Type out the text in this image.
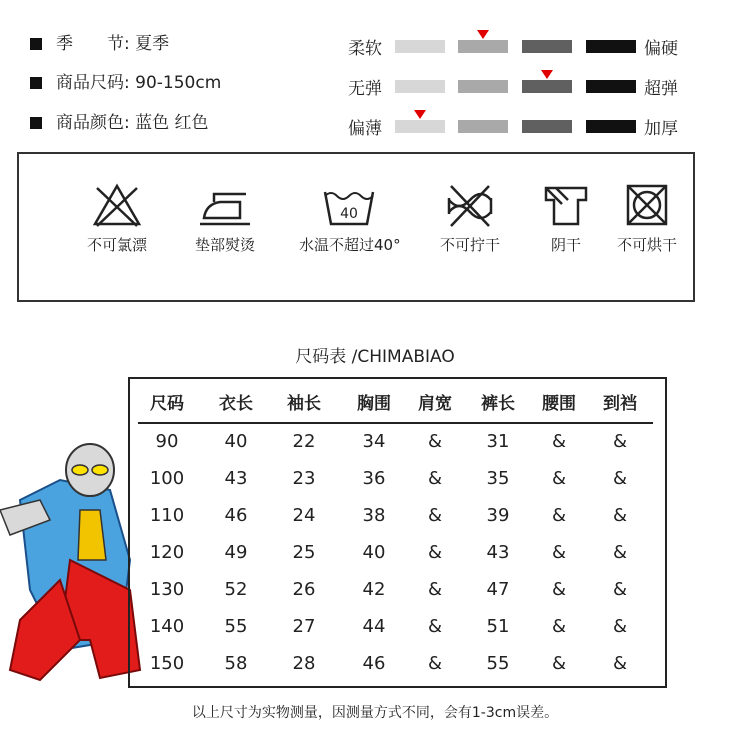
季　　节: 夏季
商品尺码: 90-150cm
商品颜色: 蓝色 红色
柔软	偏硬
无弹	超弹
偏薄	加厚
不可氯漂	垫部熨烫
40
水温不超过40°	不可拧干	阴干	不可烘干
尺码表 /CHIMABIAO
尺码	衣长	袖长	胸围	肩宽	裤长	腰围	到裆
90	40	22	34	&	31	&	&
100	43	23	36	&	35	&	&
110	46	24	38	&	39	&	&
120	49	25	40	&	43	&	&
130	52	26	42	&	47	&	&
140	55	27	44	&	51	&	&
150	58	28	46	&	55	&	&
以上尺寸为实物测量，因测量方式不同，会有1-3cm误差。
